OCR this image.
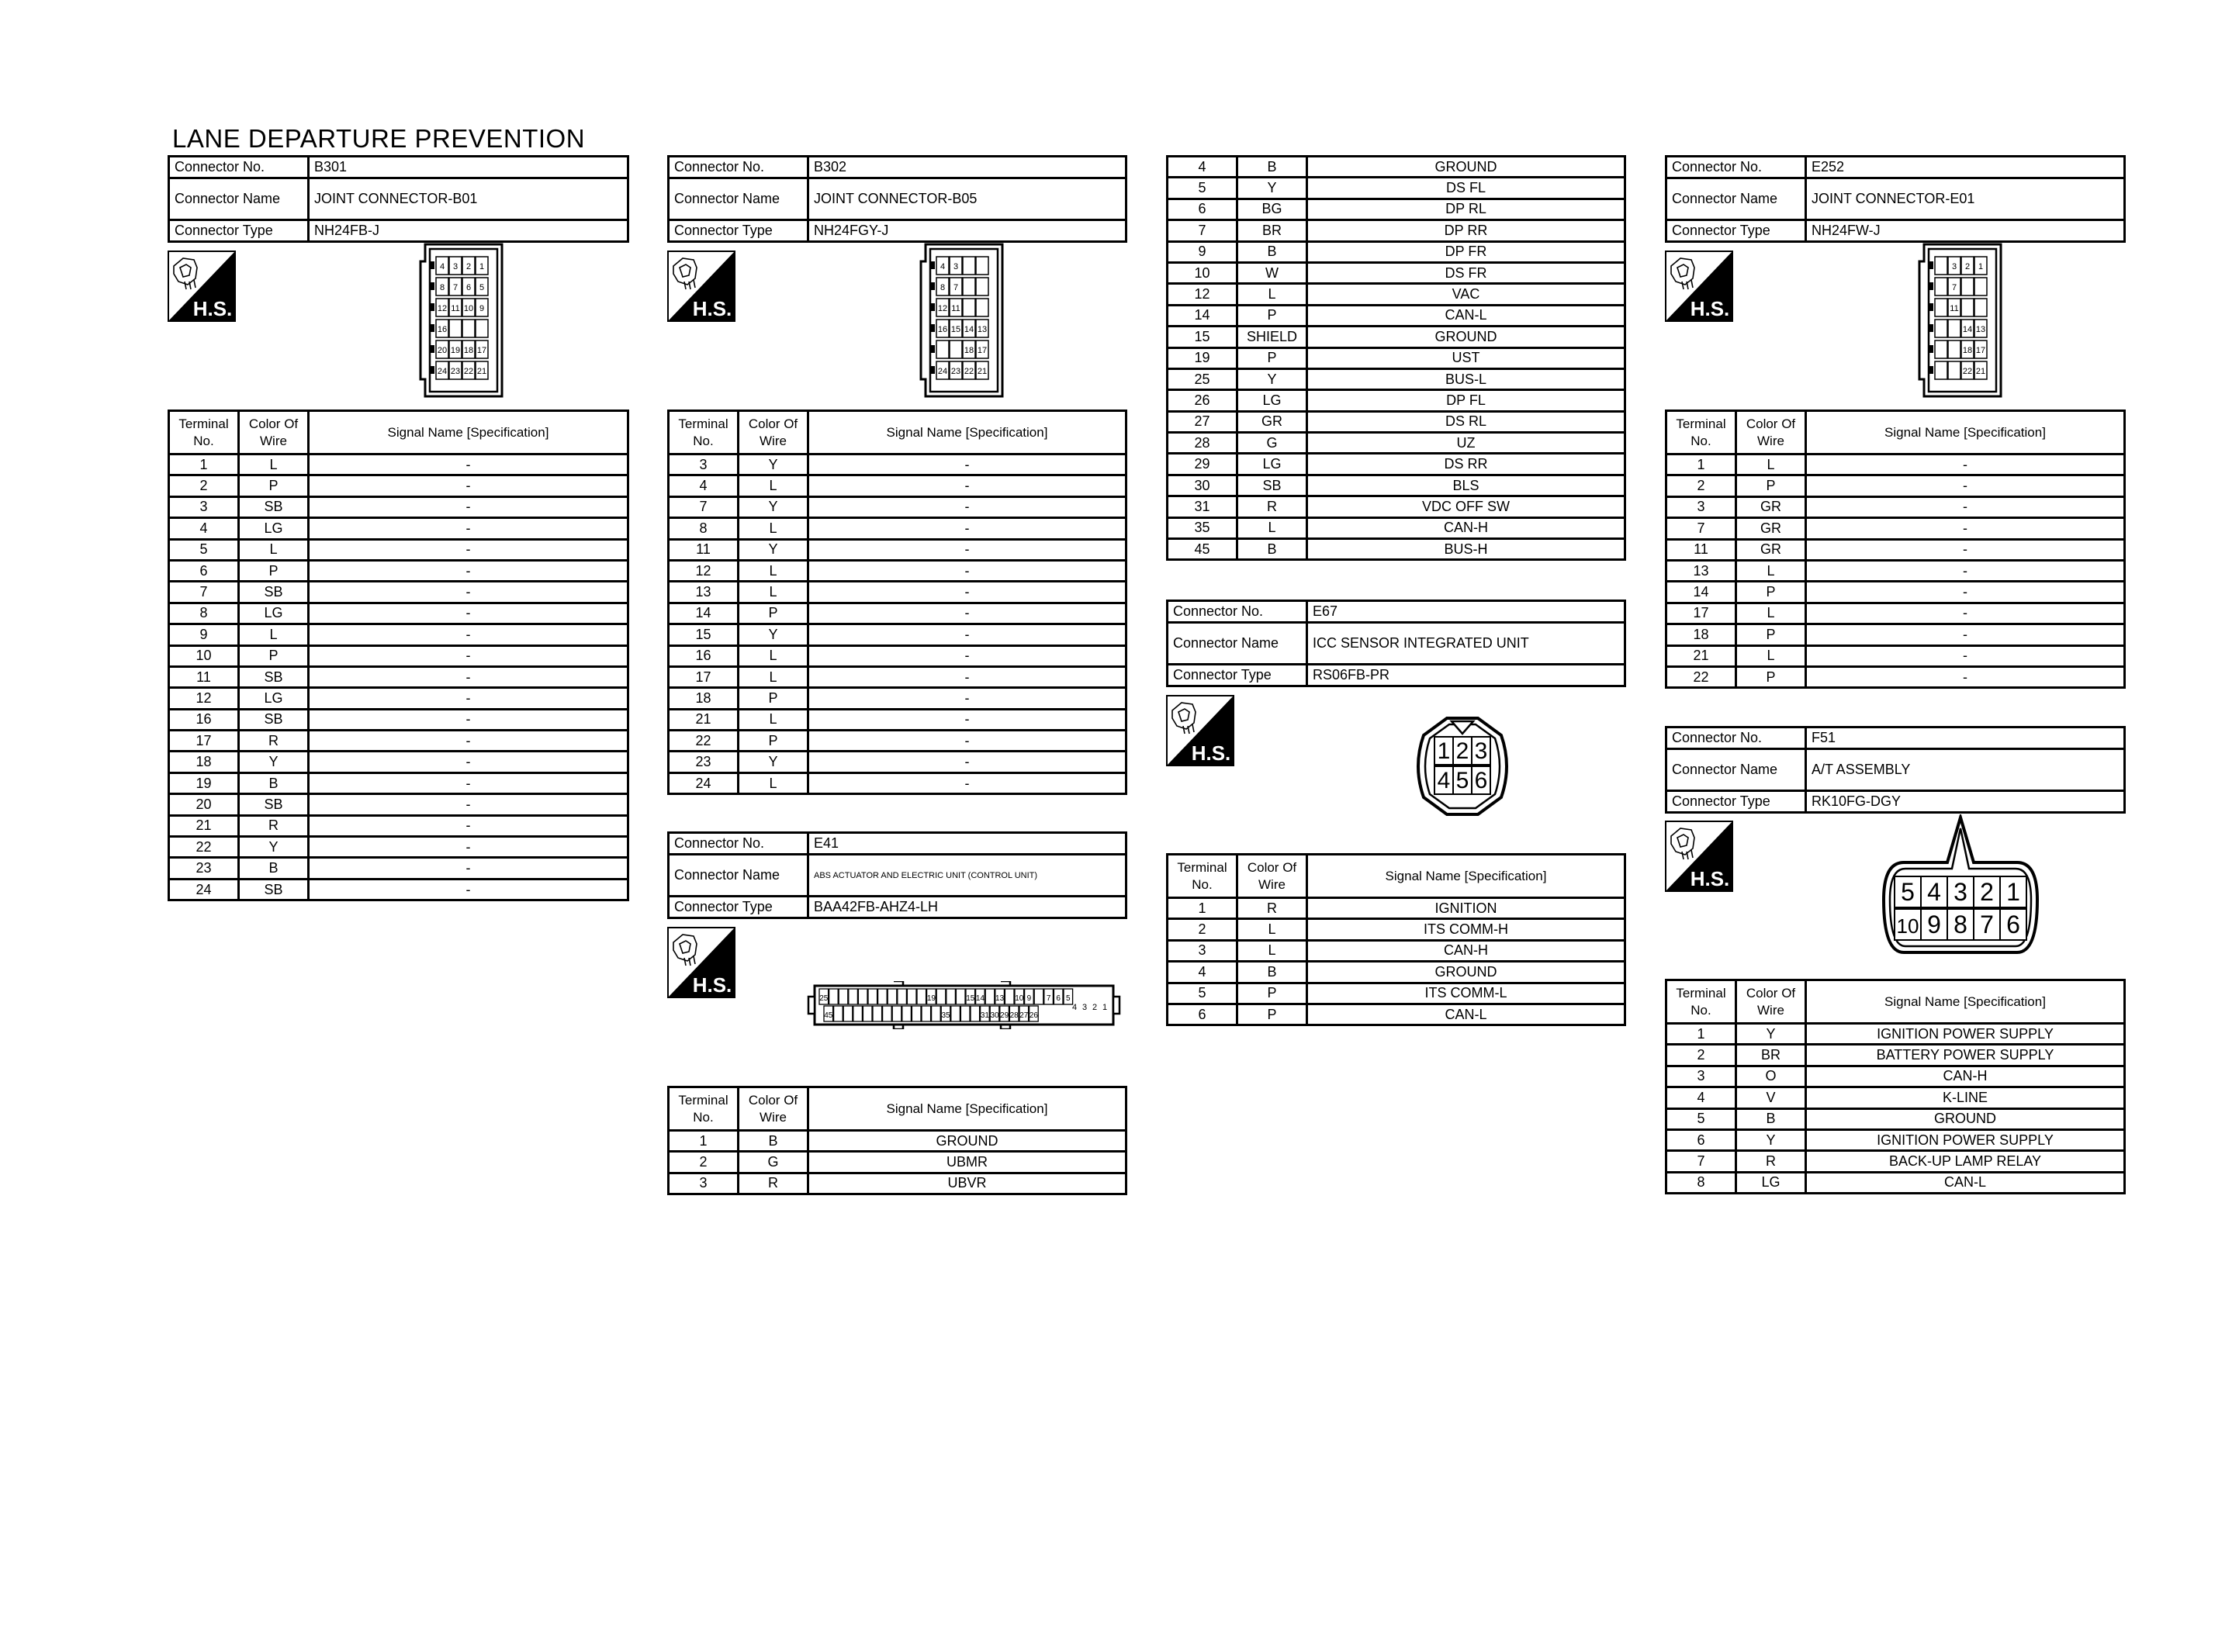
LANE DEPARTURE PREVENTION
Connector No.	B301
Connector Name	JOINT CONNECTOR-B01
Connector Type	NH24FB-J
H.S.
4 3 2 1
8 7 6 5
12 11 10 9
16
20 19 18 17
24 23 22 21
Terminal No.	Color Of Wire	Signal Name [Specification]
1	L	-
2	P	-
3	SB	-
4	LG	-
5	L	-
6	P	-
7	SB	-
8	LG	-
9	L	-
10	P	-
11	SB	-
12	LG	-
16	SB	-
17	R	-
18	Y	-
19	B	-
20	SB	-
21	R	-
22	Y	-
23	B	-
24	SB	-
Connector No.	B302
Connector Name	JOINT CONNECTOR-B05
Connector Type	NH24FGY-J
H.S.
4 3
8 7
12 11
16 15 14 13
18 17
24 23 22 21
Terminal No.	Color Of Wire	Signal Name [Specification]
3	Y	-
4	L	-
7	Y	-
8	L	-
11	Y	-
12	L	-
13	L	-
14	P	-
15	Y	-
16	L	-
17	L	-
18	P	-
21	L	-
22	P	-
23	Y	-
24	L	-
Connector No.	E41
Connector Name	ABS ACTUATOR AND ELECTRIC UNIT (CONTROL UNIT)
Connector Type	BAA42FB-AHZ4-LH
H.S.
25	19	15 14 13 10 9 7 6 5
45	35	31 30 29 28 27 26
4 3 2 1
Terminal No.	Color Of Wire	Signal Name [Specification]
1	B	GROUND
2	G	UBMR
3	R	UBVR
4	B	GROUND
5	Y	DS FL
6	BG	DP RL
7	BR	DP RR
9	B	DP FR
10	W	DS FR
12	L	VAC
14	P	CAN-L
15	SHIELD	GROUND
19	P	UST
25	Y	BUS-L
26	LG	DP FL
27	GR	DS RL
28	G	UZ
29	LG	DS RR
30	SB	BLS
31	R	VDC OFF SW
35	L	CAN-H
45	B	BUS-H
Connector No.	E67
Connector Name	ICC SENSOR INTEGRATED UNIT
Connector Type	RS06FB-PR
H.S.	1 2 3
4 5 6
Terminal No.	Color Of Wire	Signal Name [Specification]
1	R	IGNITION
2	L	ITS COMM-H
3	L	CAN-H
4	B	GROUND
5	P	ITS COMM-L
6	P	CAN-L
Connector No.	E252
Connector Name	JOINT CONNECTOR-E01
Connector Type	NH24FW-J
H.S.
3 2 1
7
11
14 13
18 17
22 21
Terminal No.	Color Of Wire	Signal Name [Specification]
1	L	-
2	P	-
3	GR	-
7	GR	-
11	GR	-
13	L	-
14	P	-
17	L	-
18	P	-
21	L	-
22	P	-
Connector No.	F51
Connector Name	A/T ASSEMBLY
Connector Type	RK10FG-DGY
H.S.	5 4 3 2 1
10 9 8 7 6
Terminal No.	Color Of Wire	Signal Name [Specification]
1	Y	IGNITION POWER SUPPLY
2	BR	BATTERY POWER SUPPLY
3	O	CAN-H
4	V	K-LINE
5	B	GROUND
6	Y	IGNITION POWER SUPPLY
7	R	BACK-UP LAMP RELAY
8	LG	CAN-L
